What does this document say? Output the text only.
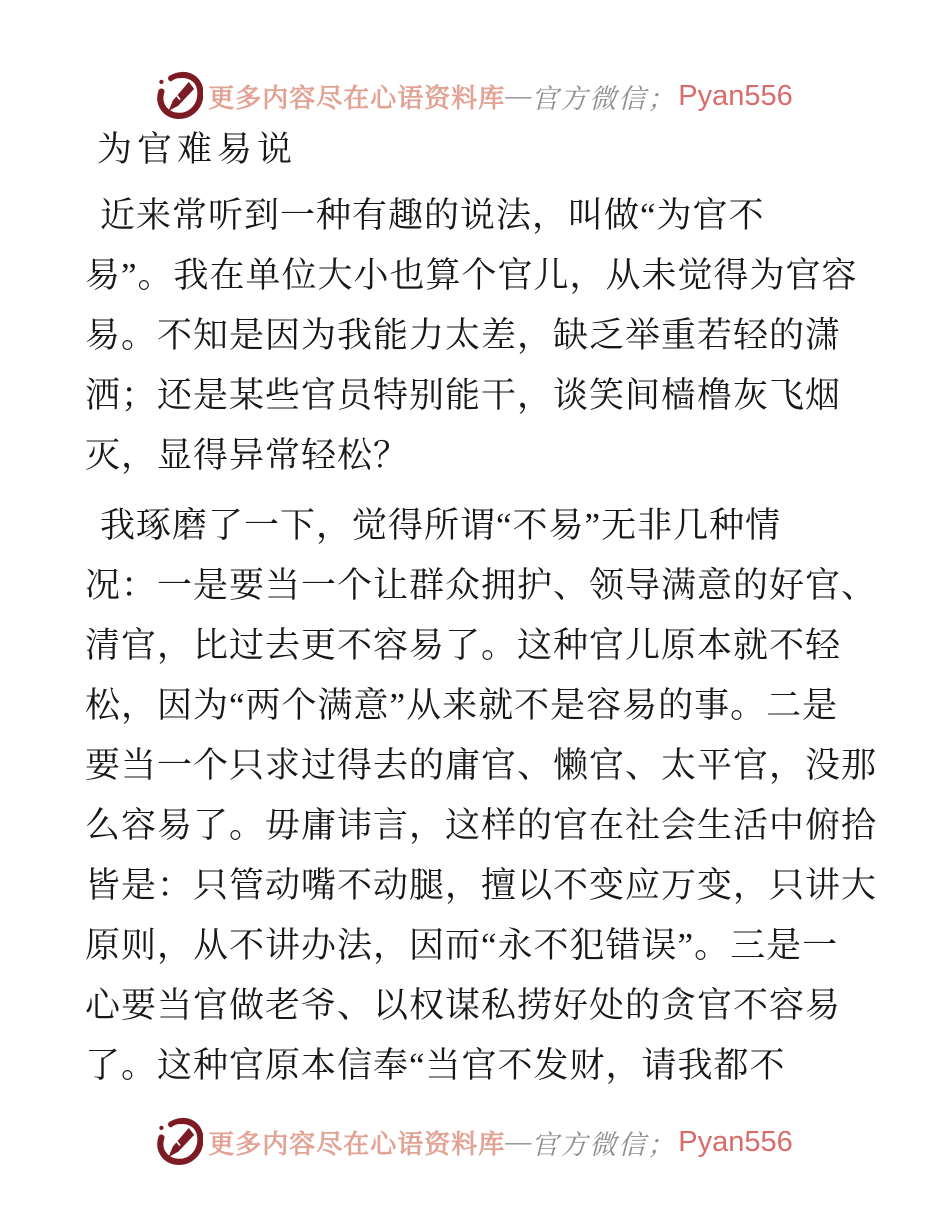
更多内容尽在心语资料库 — 官方微信； Pyan556
为官难易说
近来常听到一种有趣的说法，叫做“为官不
易”。我在单位大小也算个官儿，从未觉得为官容
易。不知是因为我能力太差，缺乏举重若轻的潇
洒；还是某些官员特别能干，谈笑间樯橹灰飞烟
灭，显得异常轻松？
我琢磨了一下，觉得所谓“不易”无非几种情
况：一是要当一个让群众拥护、领导满意的好官、
清官，比过去更不容易了。这种官儿原本就不轻
松，因为“两个满意”从来就不是容易的事。二是
要当一个只求过得去的庸官、懒官、太平官，没那
么容易了。毋庸讳言，这样的官在社会生活中俯拾
皆是：只管动嘴不动腿，擅以不变应万变，只讲大
原则，从不讲办法，因而“永不犯错误”。三是一
心要当官做老爷、以权谋私捞好处的贪官不容易
了。这种官原本信奉“当官不发财，请我都不
更多内容尽在心语资料库 — 官方微信； Pyan556
